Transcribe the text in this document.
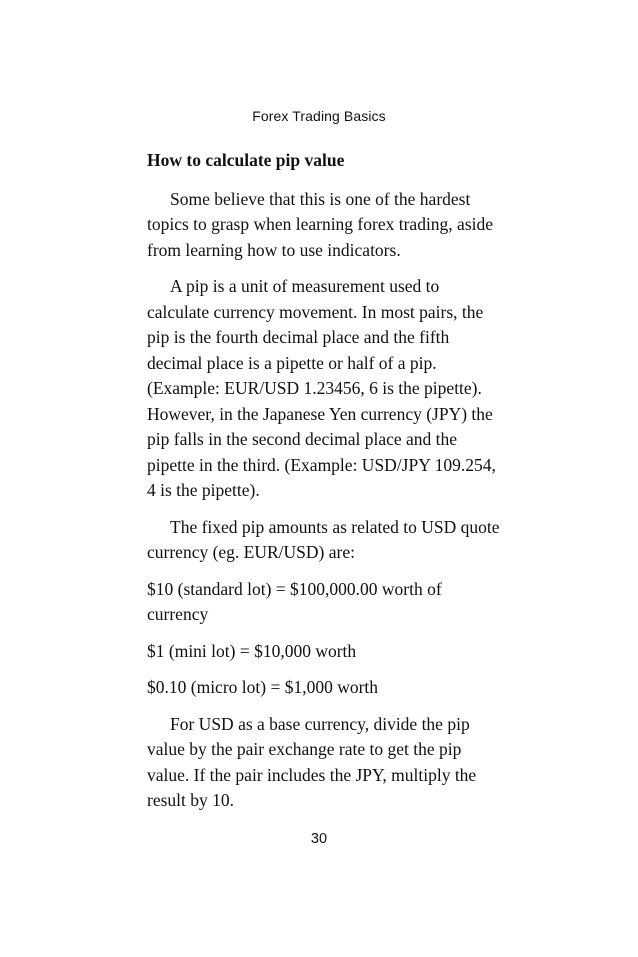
Forex Trading Basics
How to calculate pip value

Some believe that this is one of the hardest topics to grasp when learning forex trading, aside from learning how to use indicators.

A pip is a unit of measurement used to calculate currency movement. In most pairs, the pip is the fourth decimal place and the fifth decimal place is a pipette or half of a pip. (Example: EUR/USD 1.23456, 6 is the pipette). However, in the Japanese Yen currency (JPY) the pip falls in the second decimal place and the pipette in the third. (Example: USD/JPY 109.254, 4 is the pipette).

The fixed pip amounts as related to USD quote currency (eg. EUR/USD) are:

$10 (standard lot) = $100,000.00 worth of currency

$1 (mini lot) = $10,000 worth

$0.10 (micro lot) = $1,000 worth

For USD as a base currency, divide the pip value by the pair exchange rate to get the pip value. If the pair includes the JPY, multiply the result by 10.

30
